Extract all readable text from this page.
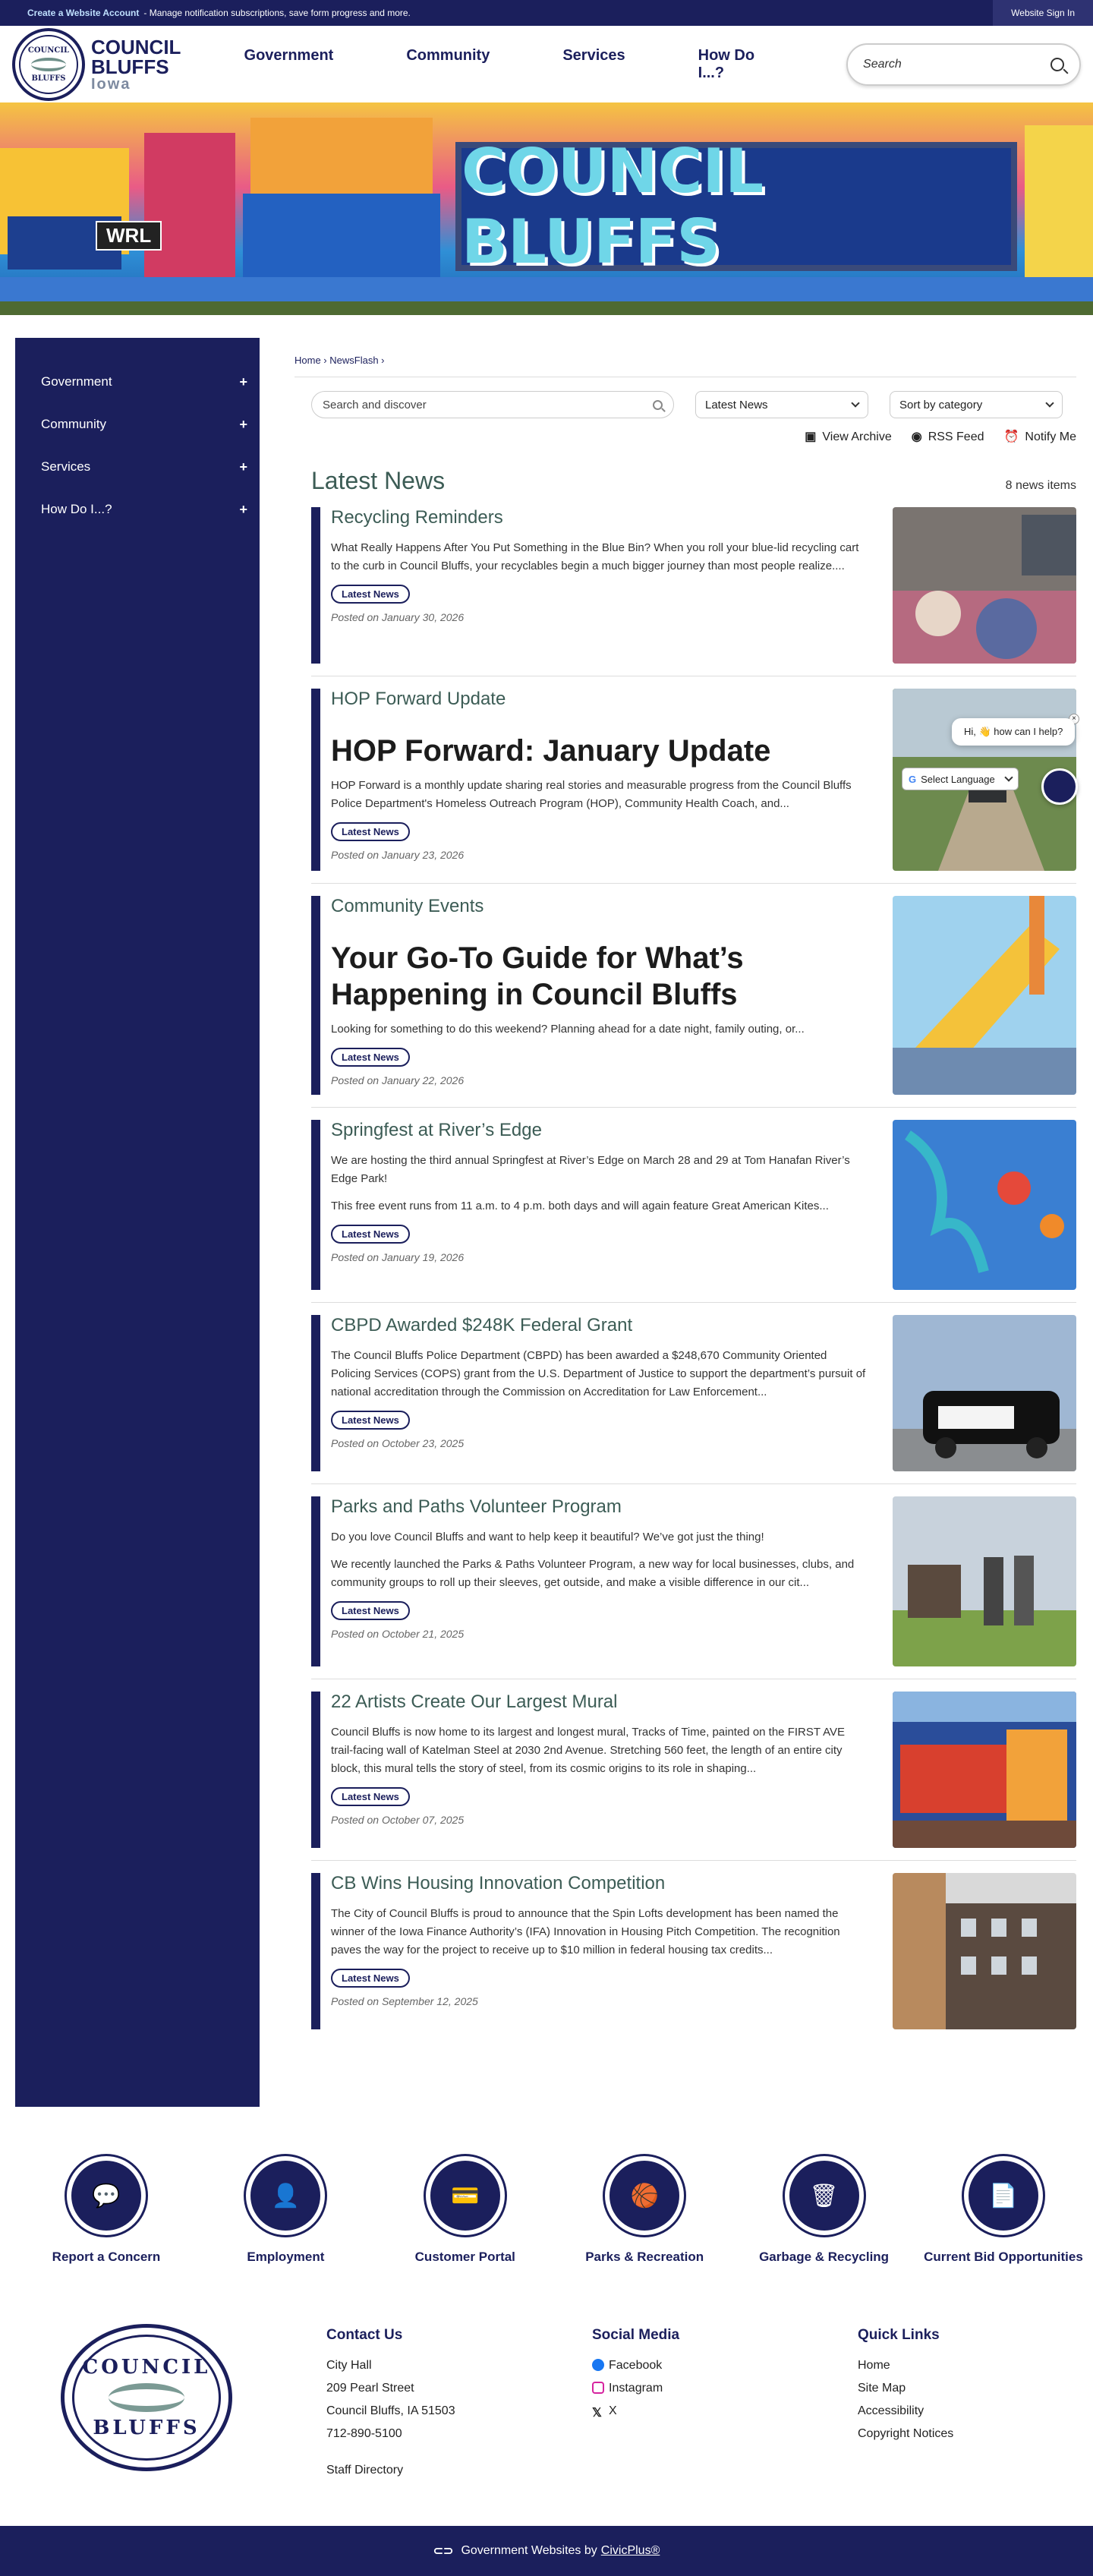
Create a Website Account - Manage notification subscriptions, save form progress and more.	Website Sign In
COUNCIL
BLUFFS
COUNCIL
BLUFFS
Iowa
Government	Community	Services	How Do I...?
Search
WRL
COUNCIL BLUFFS
Government	+
Community	+
Services	+
How Do I...?	+
Home › NewsFlash ›
Search and discover	Latest News	Sort by category
▣ View Archive ◉ RSS Feed ⏰ Notify Me
Latest News	8 news items
Recycling Reminders

What Really Happens After You Put Something in the Blue Bin? When you roll your blue-lid recycling cart to the curb in Council Bluffs, your recyclables begin a much bigger journey than most people realize....

Latest News
Posted on January 30, 2026
HOP Forward Update
HOP Forward: January Update

HOP Forward is a monthly update sharing real stories and measurable progress from the Council Bluffs Police Department's Homeless Outreach Program (HOP), Community Health Coach, and...

Latest News
Posted on January 23, 2026
Community Events
Your Go-To Guide for What’s Happening in Council Bluffs

Looking for something to do this weekend? Planning ahead for a date night, family outing, or...

Latest News
Posted on January 22, 2026
Springfest at River’s Edge

We are hosting the third annual Springfest at River’s Edge on March 28 and 29 at Tom Hanafan River’s Edge Park!

This free event runs from 11 a.m. to 4 p.m. both days and will again feature Great American Kites...

Latest News
Posted on January 19, 2026
CBPD Awarded $248K Federal Grant

The Council Bluffs Police Department (CBPD) has been awarded a $248,670 Community Oriented Policing Services (COPS) grant from the U.S. Department of Justice to support the department’s pursuit of national accreditation through the Commission on Accreditation for Law Enforcement...

Latest News
Posted on October 23, 2025
Parks and Paths Volunteer Program

Do you love Council Bluffs and want to help keep it beautiful? We’ve got just the thing!

We recently launched the Parks & Paths Volunteer Program, a new way for local businesses, clubs, and community groups to roll up their sleeves, get outside, and make a visible difference in our cit...

Latest News
Posted on October 21, 2025
22 Artists Create Our Largest Mural

Council Bluffs is now home to its largest and longest mural, Tracks of Time, painted on the FIRST AVE trail-facing wall of Katelman Steel at 2030 2nd Avenue. Stretching 560 feet, the length of an entire city block, this mural tells the story of steel, from its cosmic origins to its role in shaping...

Latest News
Posted on October 07, 2025
CB Wins Housing Innovation Competition

The City of Council Bluffs is proud to announce that the Spin Lofts development has been named the winner of the Iowa Finance Authority’s (IFA) Innovation in Housing Pitch Competition. The recognition paves the way for the project to receive up to $10 million in federal housing tax credits...

Latest News
Posted on September 12, 2025
×
Hi, 👋 how can I help?
G Select Language
💬
Report a Concern
👤
Employment
💳
Customer Portal
🏀
Parks & Recreation
🗑
Garbage & Recycling
📄
Current Bid Opportunities
COUNCIL
BLUFFS
Contact Us
City Hall
209 Pearl Street
Council Bluffs, IA 51503
712-890-5100
Staff Directory
Social Media
Facebook
Instagram
𝕏 X
Quick Links
Home
Site Map
Accessibility
Copyright Notices
⊂⊃ Government Websites by CivicPlus®
